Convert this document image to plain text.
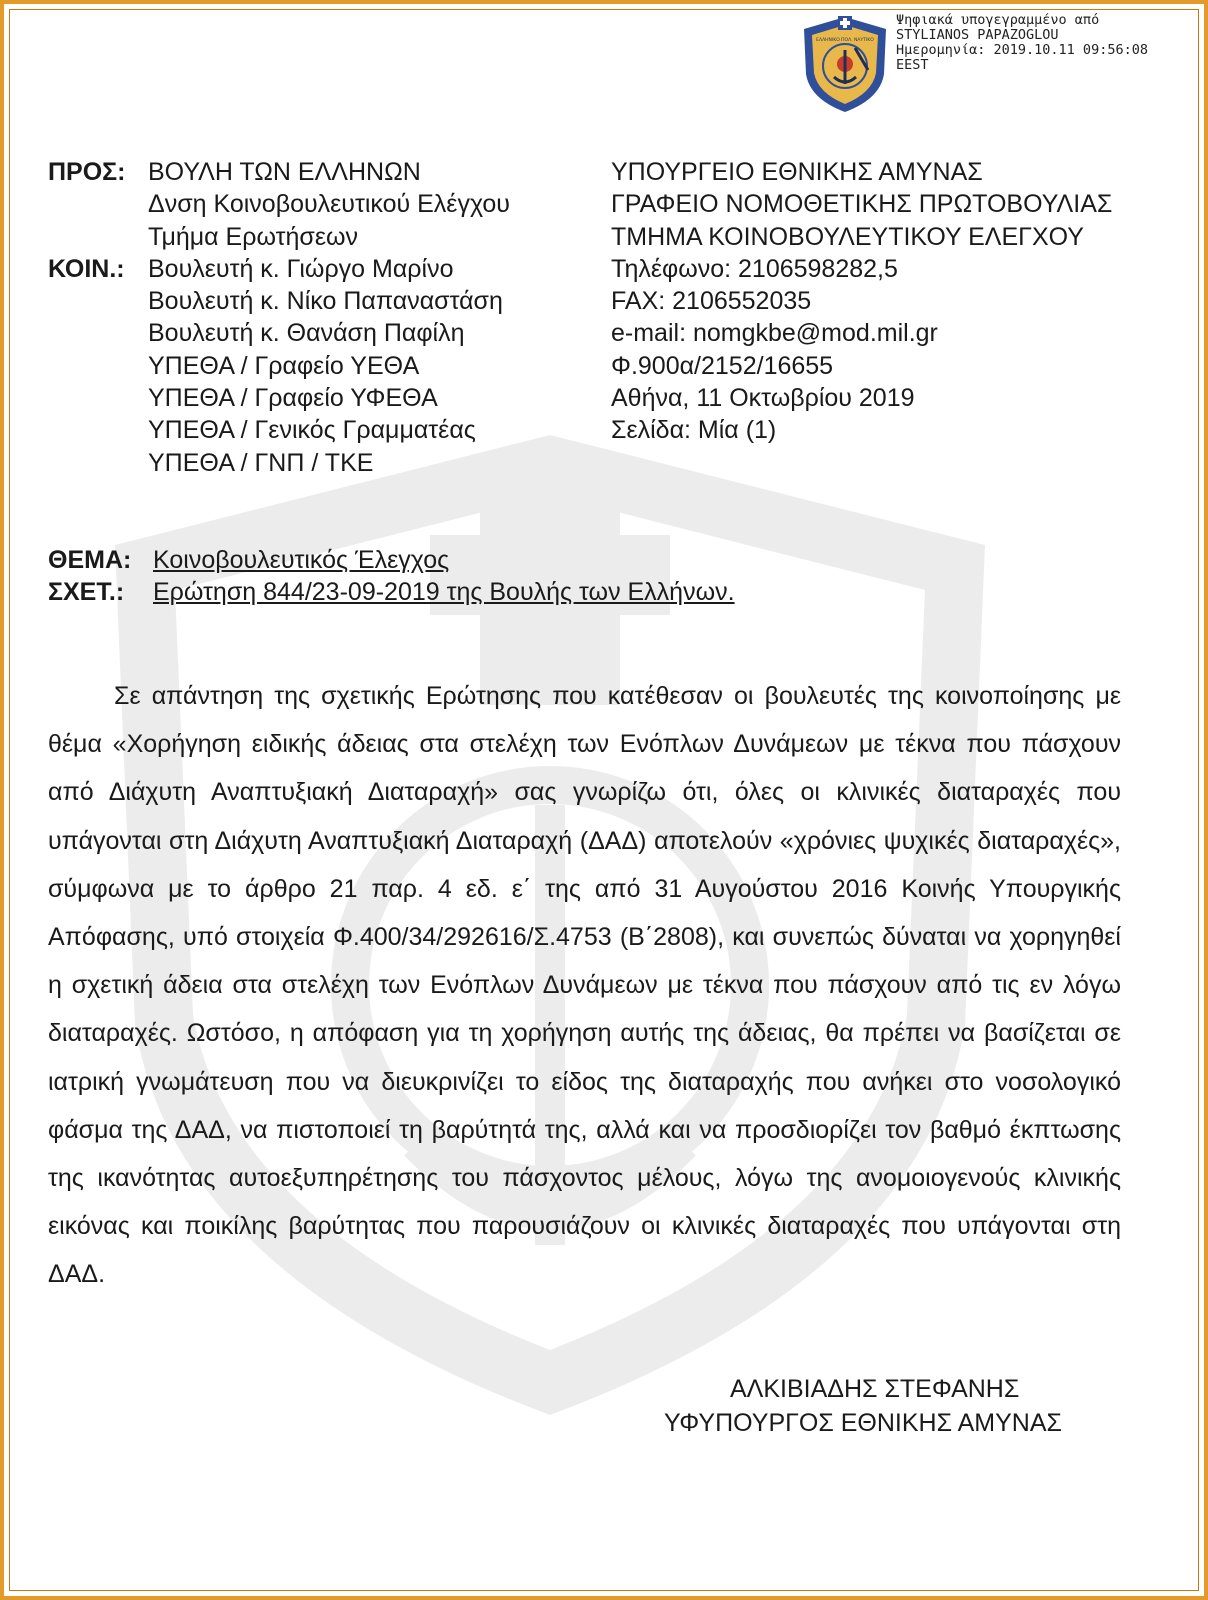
ΕΛΛΗΝΙΚΟ ΠΟΛ. ΝΑΥΤΙΚΟ
Ψηφιακά υπογεγραμμένο από
STYLIANOS PAPAZOGLOU
Ημερομηνία: 2019.10.11 09:56:08
EEST
ΠΡΟΣ: ΒΟΥΛΗ ΤΩΝ ΕΛΛΗΝΩΝ
Δνση Κοινοβουλευτικού Ελέγχου
Τμήμα Ερωτήσεων
ΚΟΙΝ.: Βουλευτή κ. Γιώργο Μαρίνο
Βουλευτή κ. Νίκο Παπαναστάση
Βουλευτή κ. Θανάση Παφίλη
ΥΠΕΘΑ / Γραφείο ΥΕΘΑ
ΥΠΕΘΑ / Γραφείο ΥΦΕΘΑ
ΥΠΕΘΑ / Γενικός Γραμματέας
ΥΠΕΘΑ / ΓΝΠ / ΤΚΕ
ΥΠΟΥΡΓΕΙΟ ΕΘΝΙΚΗΣ ΑΜΥΝΑΣ
ΓΡΑΦΕΙΟ ΝΟΜΟΘΕΤΙΚΗΣ ΠΡΩΤΟΒΟΥΛΙΑΣ
ΤΜΗΜΑ ΚΟΙΝΟΒΟΥΛΕΥΤΙΚΟΥ ΕΛΕΓΧΟΥ
Τηλέφωνο: 2106598282,5
FAX: 2106552035
e-mail: nomgkbe@mod.mil.gr
Φ.900α/2152/16655
Αθήνα, 11 Οκτωβρίου 2019
Σελίδα: Μία (1)
ΘΕΜΑ: Κοινοβουλευτικός Έλεγχος
ΣΧΕΤ.:	Ερώτηση 844/23-09-2019 της Βουλής των Ελλήνων.

Σε απάντηση της σχετικής Ερώτησης που κατέθεσαν οι βουλευτές της κοινοποίησης με θέμα «Χορήγηση ειδικής άδειας στα στελέχη των Ενόπλων Δυνάμεων με τέκνα που πάσχουν από Διάχυτη Αναπτυξιακή Διαταραχή» σας γνωρίζω ότι, όλες οι κλινικές διαταραχές που υπάγονται στη Διάχυτη Αναπτυξιακή Διαταραχή (ΔΑΔ) αποτελούν «χρόνιες ψυχικές διαταραχές», σύμφωνα με το άρθρο 21 παρ. 4 εδ. ε΄ της από 31 Αυγούστου 2016 Κοινής Υπουργικής Απόφασης, υπό στοιχεία Φ.400/34/292616/Σ.4753 (Β΄2808), και συνεπώς δύναται να χορηγηθεί η σχετική άδεια στα στελέχη των Ενόπλων Δυνάμεων με τέκνα που πάσχουν από τις εν λόγω διαταραχές. Ωστόσο, η απόφαση για τη χορήγηση αυτής της άδειας, θα πρέπει να βασίζεται σε ιατρική γνωμάτευση που να διευκρινίζει το είδος της διαταραχής που ανήκει στο νοσολογικό φάσμα της ΔΑΔ, να πιστοποιεί τη βαρύτητά της, αλλά και να προσδιορίζει τον βαθμό έκπτωσης της ικανότητας αυτοεξυπηρέτησης του πάσχοντος μέλους, λόγω της ανομοιογενούς κλινικής εικόνας και ποικίλης βαρύτητας που παρουσιάζουν οι κλινικές διαταραχές που υπάγονται στη ΔΑΔ.

ΑΛΚΙΒΙΑΔΗΣ ΣΤΕΦΑΝΗΣ
ΥΦΥΠΟΥΡΓΟΣ ΕΘΝΙΚΗΣ ΑΜΥΝΑΣ
